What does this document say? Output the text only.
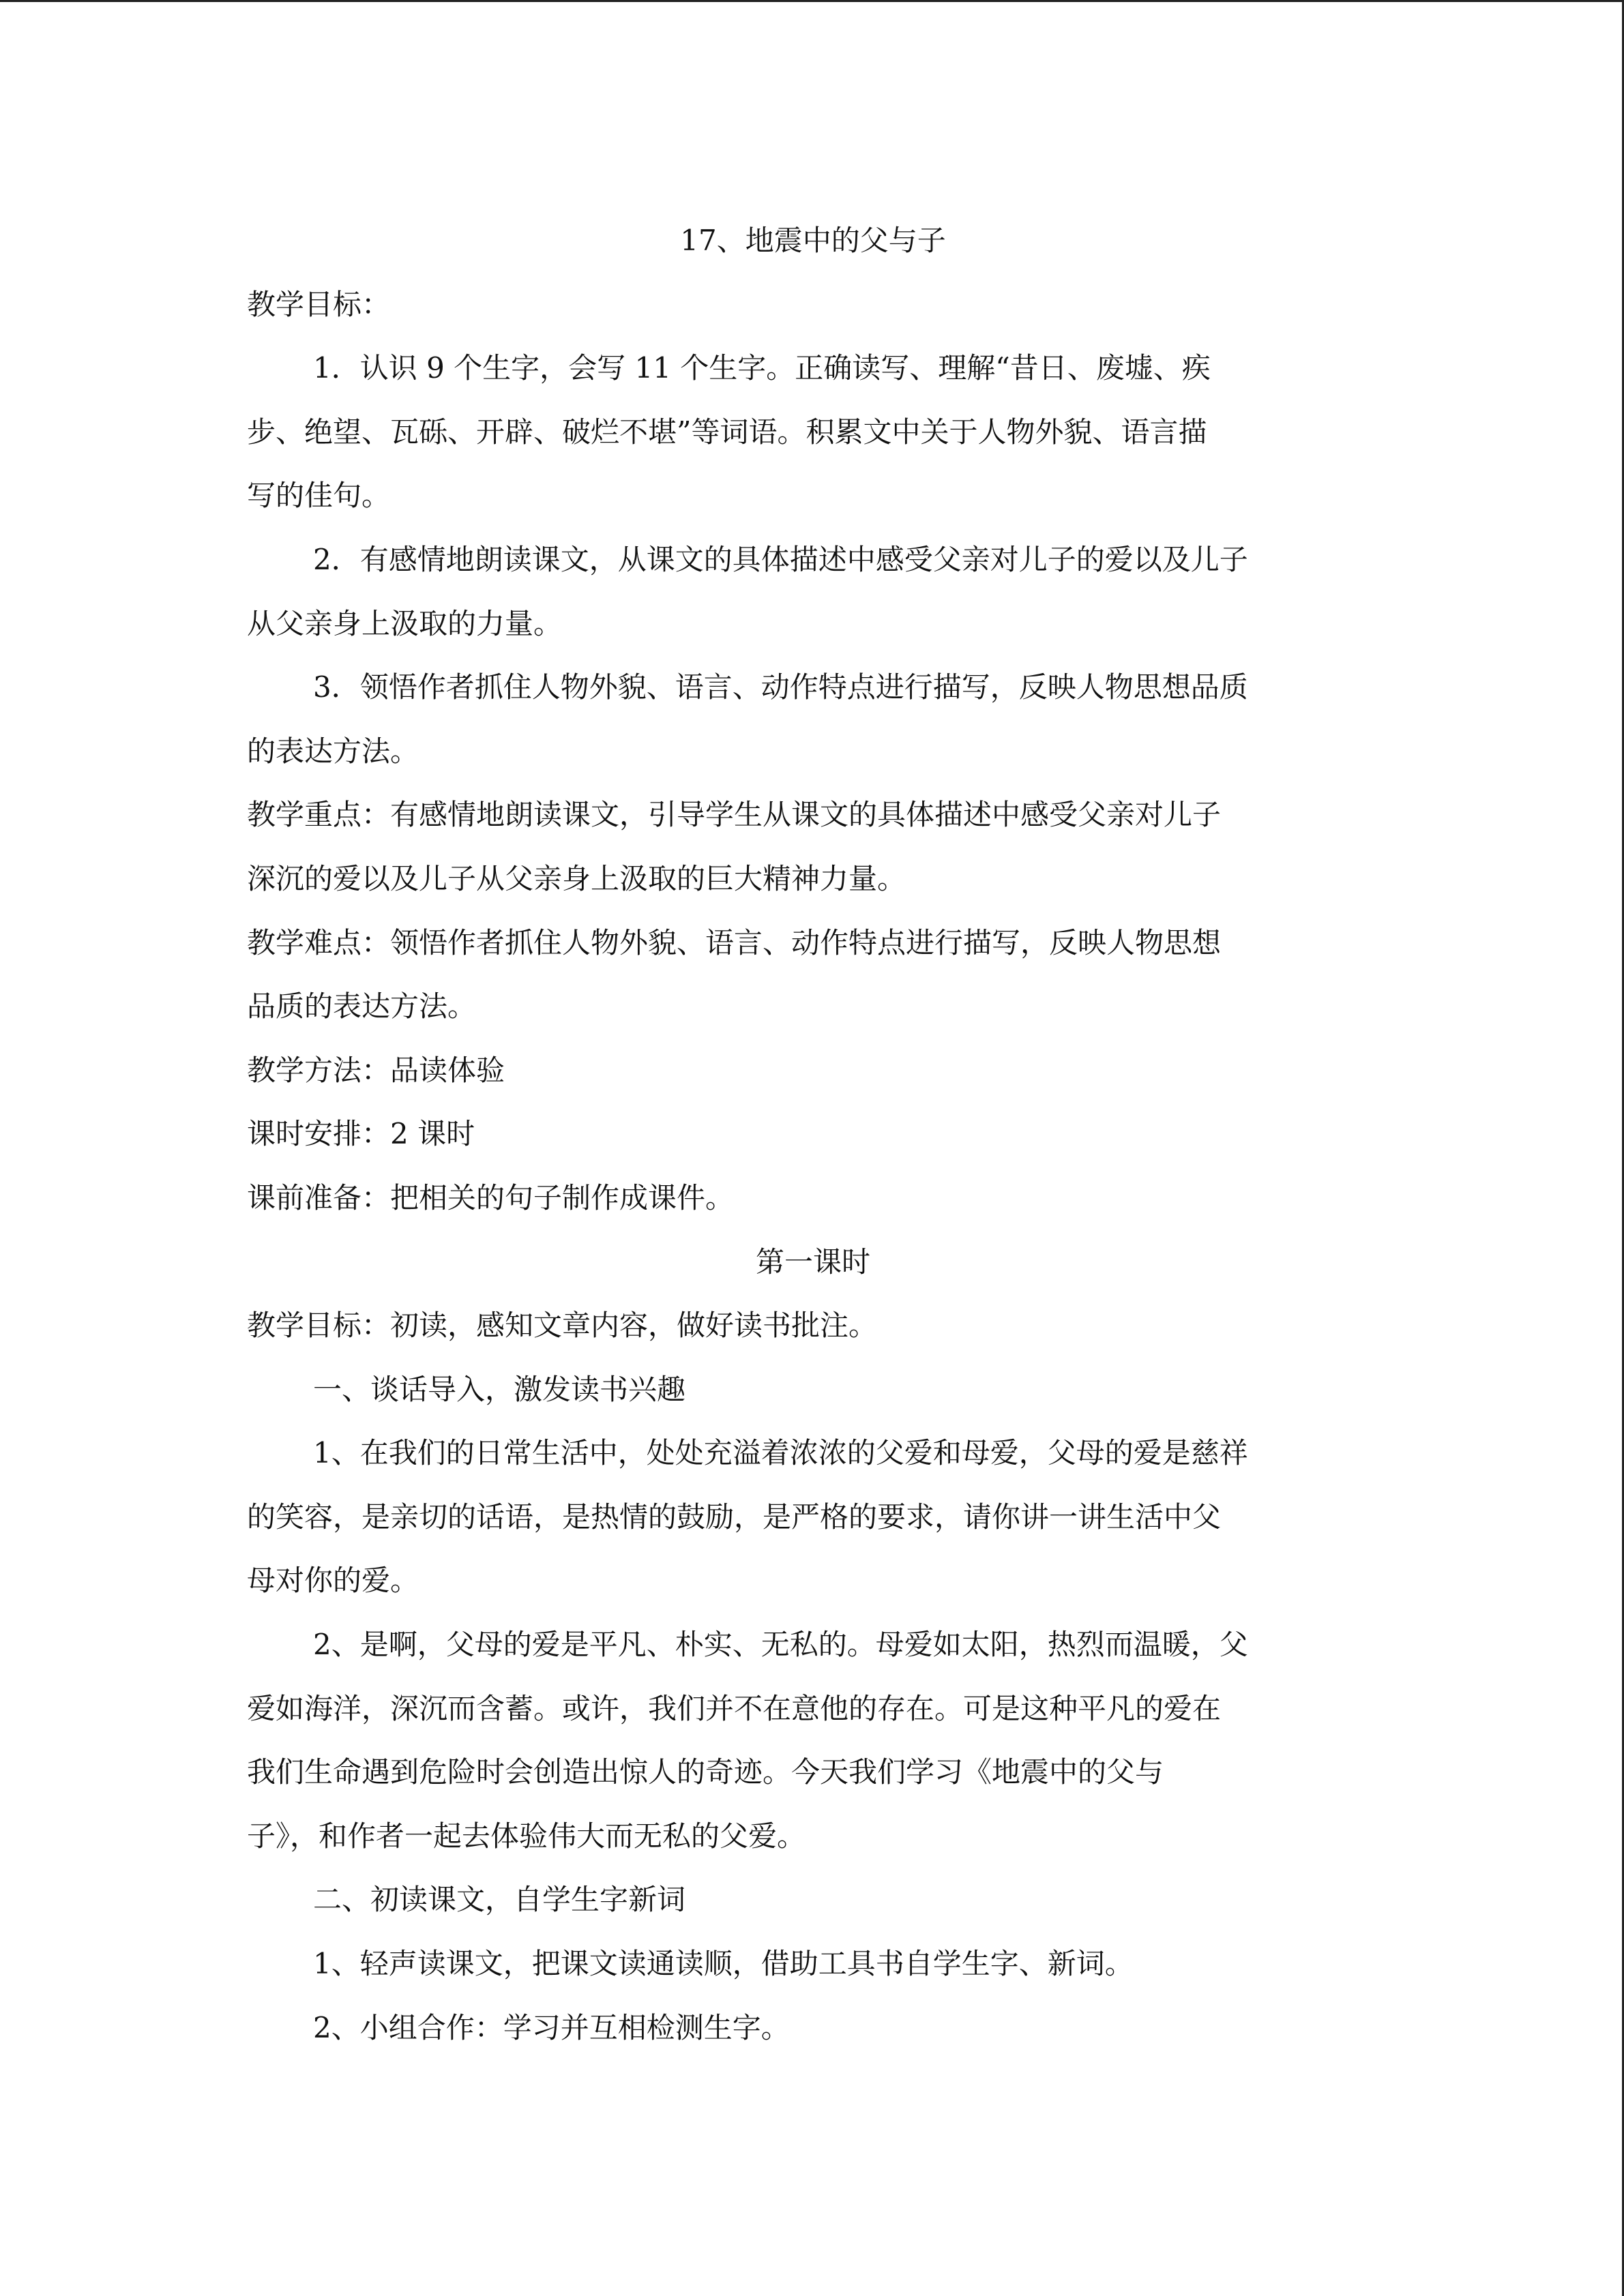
17、地震中的父与子

教学目标：

1．认识 9 个生字，会写 11 个生字。正确读写、理解“昔日、废墟、疾

步、绝望、瓦砾、开辟、破烂不堪”等词语。积累文中关于人物外貌、语言描

写的佳句。

2．有感情地朗读课文，从课文的具体描述中感受父亲对儿子的爱以及儿子

从父亲身上汲取的力量。

3．领悟作者抓住人物外貌、语言、动作特点进行描写，反映人物思想品质

的表达方法。

教学重点：有感情地朗读课文，引导学生从课文的具体描述中感受父亲对儿子

深沉的爱以及儿子从父亲身上汲取的巨大精神力量。

教学难点：领悟作者抓住人物外貌、语言、动作特点进行描写，反映人物思想

品质的表达方法。

教学方法：品读体验

课时安排：2 课时

课前准备：把相关的句子制作成课件。

第一课时

教学目标：初读，感知文章内容，做好读书批注。

一、谈话导入，激发读书兴趣

1、在我们的日常生活中，处处充溢着浓浓的父爱和母爱，父母的爱是慈祥

的笑容，是亲切的话语，是热情的鼓励，是严格的要求，请你讲一讲生活中父

母对你的爱。

2、是啊，父母的爱是平凡、朴实、无私的。母爱如太阳，热烈而温暖，父

爱如海洋，深沉而含蓄。或许，我们并不在意他的存在。可是这种平凡的爱在

我们生命遇到危险时会创造出惊人的奇迹。今天我们学习《地震中的父与

子》，和作者一起去体验伟大而无私的父爱。

二、初读课文，自学生字新词

1、轻声读课文，把课文读通读顺，借助工具书自学生字、新词。

2、小组合作：学习并互相检测生字。
